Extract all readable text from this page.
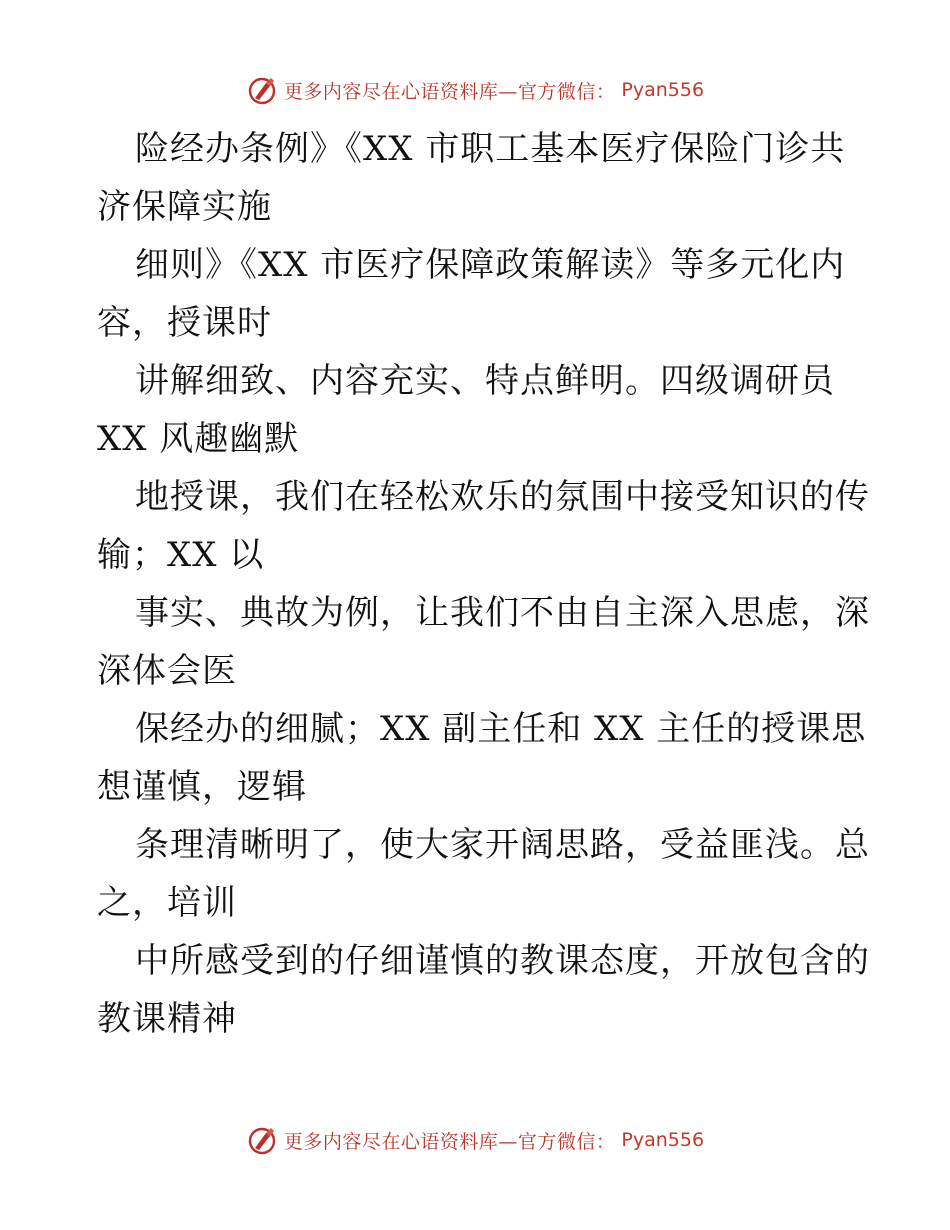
更多内容尽在心语资料库—官方微信： Pyan556
险经办条例》《XX 市职工基本医疗保险门诊共
济保障实施
细则》《XX 市医疗保障政策解读》等多元化内
容，授课时
讲解细致、内容充实、特点鲜明。四级调研员
XX 风趣幽默
地授课，我们在轻松欢乐的氛围中接受知识的传
输；XX 以
事实、典故为例，让我们不由自主深入思虑，深
深体会医
保经办的细腻；XX 副主任和 XX 主任的授课思
想谨慎，逻辑
条理清晰明了，使大家开阔思路，受益匪浅。总
之，培训
中所感受到的仔细谨慎的教课态度，开放包含的
教课精神
更多内容尽在心语资料库—官方微信： Pyan556
